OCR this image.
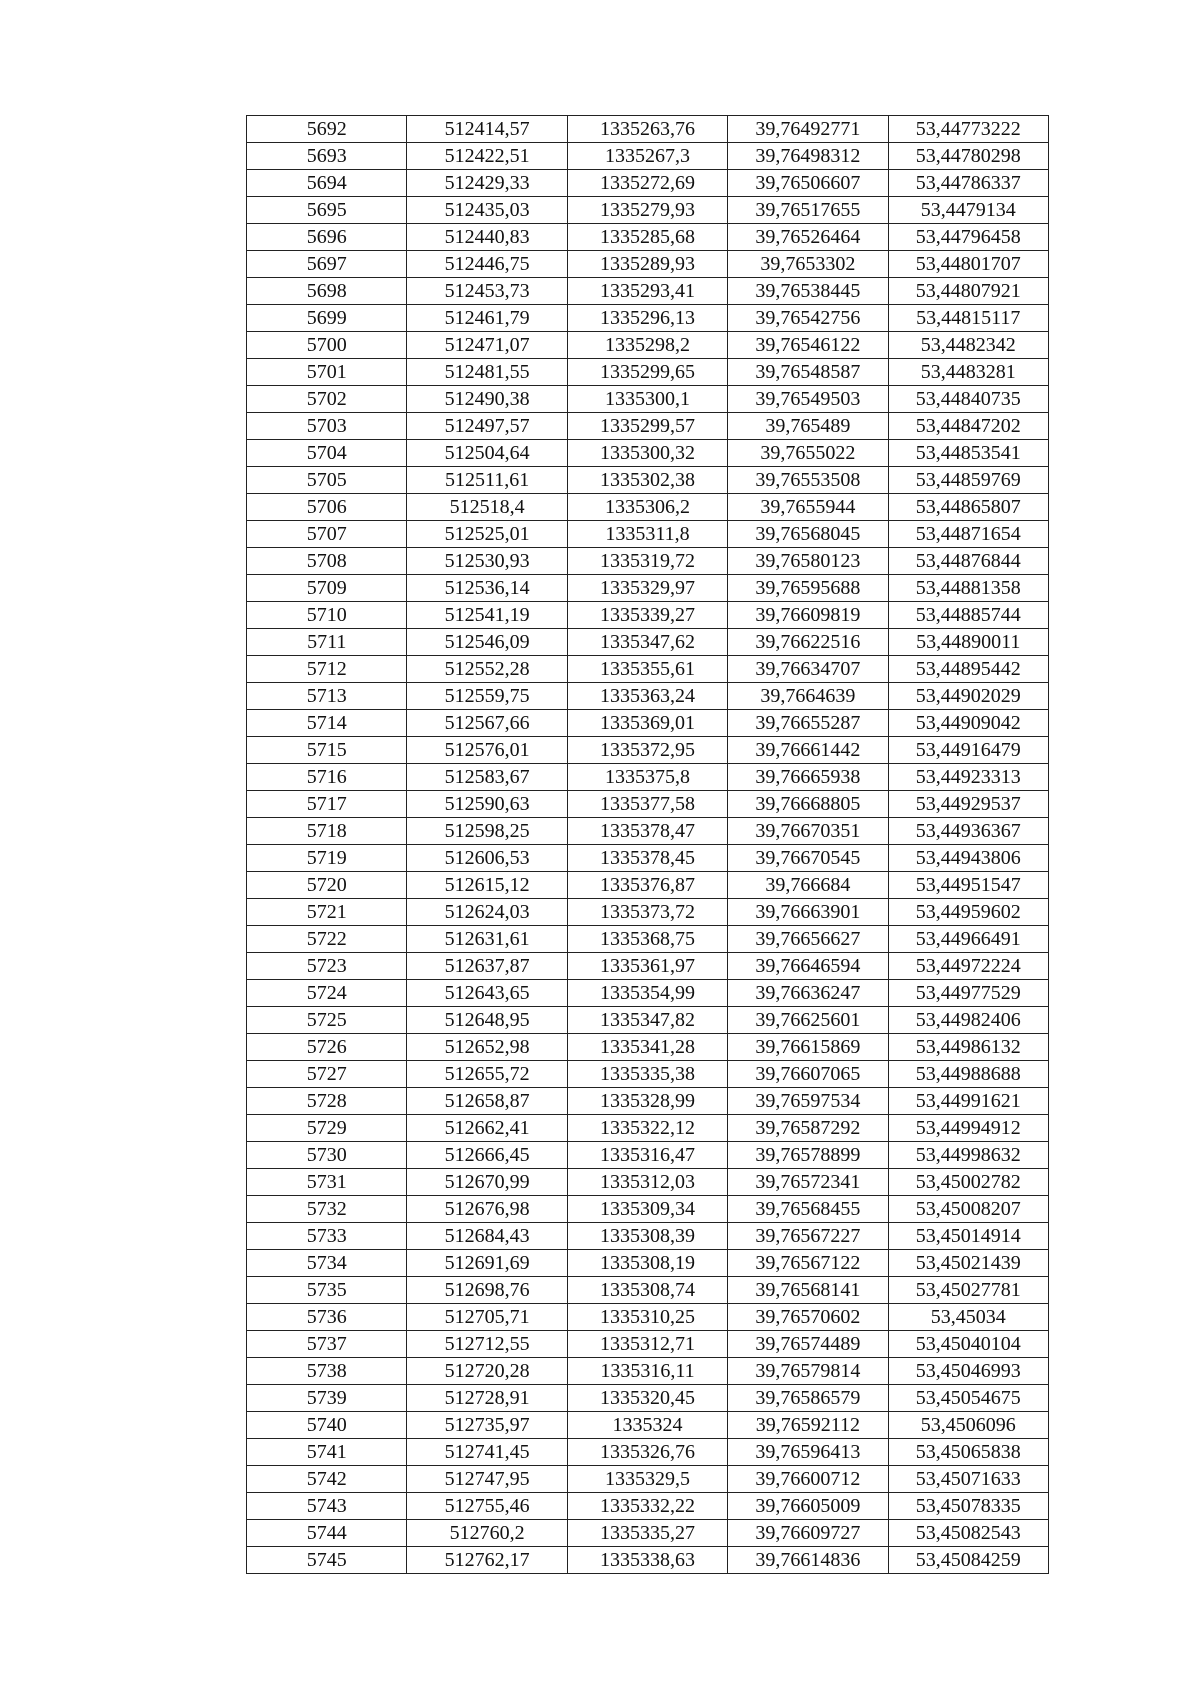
5692	512414,57	1335263,76	39,76492771	53,44773222
5693	512422,51	1335267,3	39,76498312	53,44780298
5694	512429,33	1335272,69	39,76506607	53,44786337
5695	512435,03	1335279,93	39,76517655	53,4479134
5696	512440,83	1335285,68	39,76526464	53,44796458
5697	512446,75	1335289,93	39,7653302	53,44801707
5698	512453,73	1335293,41	39,76538445	53,44807921
5699	512461,79	1335296,13	39,76542756	53,44815117
5700	512471,07	1335298,2	39,76546122	53,4482342
5701	512481,55	1335299,65	39,76548587	53,4483281
5702	512490,38	1335300,1	39,76549503	53,44840735
5703	512497,57	1335299,57	39,765489	53,44847202
5704	512504,64	1335300,32	39,7655022	53,44853541
5705	512511,61	1335302,38	39,76553508	53,44859769
5706	512518,4	1335306,2	39,7655944	53,44865807
5707	512525,01	1335311,8	39,76568045	53,44871654
5708	512530,93	1335319,72	39,76580123	53,44876844
5709	512536,14	1335329,97	39,76595688	53,44881358
5710	512541,19	1335339,27	39,76609819	53,44885744
5711	512546,09	1335347,62	39,76622516	53,44890011
5712	512552,28	1335355,61	39,76634707	53,44895442
5713	512559,75	1335363,24	39,7664639	53,44902029
5714	512567,66	1335369,01	39,76655287	53,44909042
5715	512576,01	1335372,95	39,76661442	53,44916479
5716	512583,67	1335375,8	39,76665938	53,44923313
5717	512590,63	1335377,58	39,76668805	53,44929537
5718	512598,25	1335378,47	39,76670351	53,44936367
5719	512606,53	1335378,45	39,76670545	53,44943806
5720	512615,12	1335376,87	39,766684	53,44951547
5721	512624,03	1335373,72	39,76663901	53,44959602
5722	512631,61	1335368,75	39,76656627	53,44966491
5723	512637,87	1335361,97	39,76646594	53,44972224
5724	512643,65	1335354,99	39,76636247	53,44977529
5725	512648,95	1335347,82	39,76625601	53,44982406
5726	512652,98	1335341,28	39,76615869	53,44986132
5727	512655,72	1335335,38	39,76607065	53,44988688
5728	512658,87	1335328,99	39,76597534	53,44991621
5729	512662,41	1335322,12	39,76587292	53,44994912
5730	512666,45	1335316,47	39,76578899	53,44998632
5731	512670,99	1335312,03	39,76572341	53,45002782
5732	512676,98	1335309,34	39,76568455	53,45008207
5733	512684,43	1335308,39	39,76567227	53,45014914
5734	512691,69	1335308,19	39,76567122	53,45021439
5735	512698,76	1335308,74	39,76568141	53,45027781
5736	512705,71	1335310,25	39,76570602	53,45034
5737	512712,55	1335312,71	39,76574489	53,45040104
5738	512720,28	1335316,11	39,76579814	53,45046993
5739	512728,91	1335320,45	39,76586579	53,45054675
5740	512735,97	1335324	39,76592112	53,4506096
5741	512741,45	1335326,76	39,76596413	53,45065838
5742	512747,95	1335329,5	39,76600712	53,45071633
5743	512755,46	1335332,22	39,76605009	53,45078335
5744	512760,2	1335335,27	39,76609727	53,45082543
5745	512762,17	1335338,63	39,76614836	53,45084259
